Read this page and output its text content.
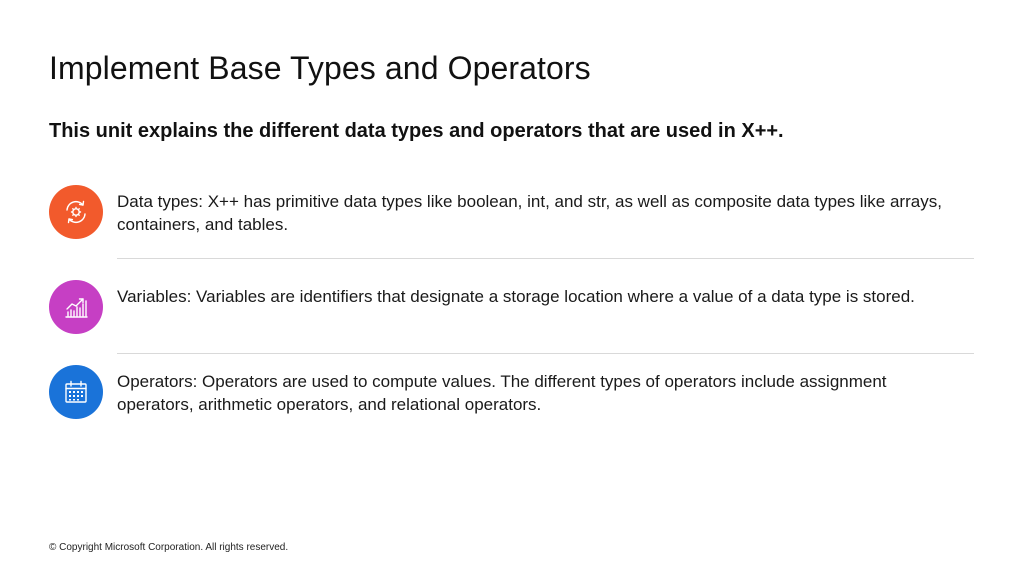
Implement Base Types and Operators
This unit explains the different data types and operators that are used in X++.

Data types: X++ has primitive data types like boolean, int, and str, as well as composite data types like arrays, containers, and tables.

Variables: Variables are identifiers that designate a storage location where a value of a data type is stored.

Operators: Operators are used to compute values. The different types of operators include assignment operators, arithmetic operators, and relational operators.

© Copyright Microsoft Corporation. All rights reserved.
